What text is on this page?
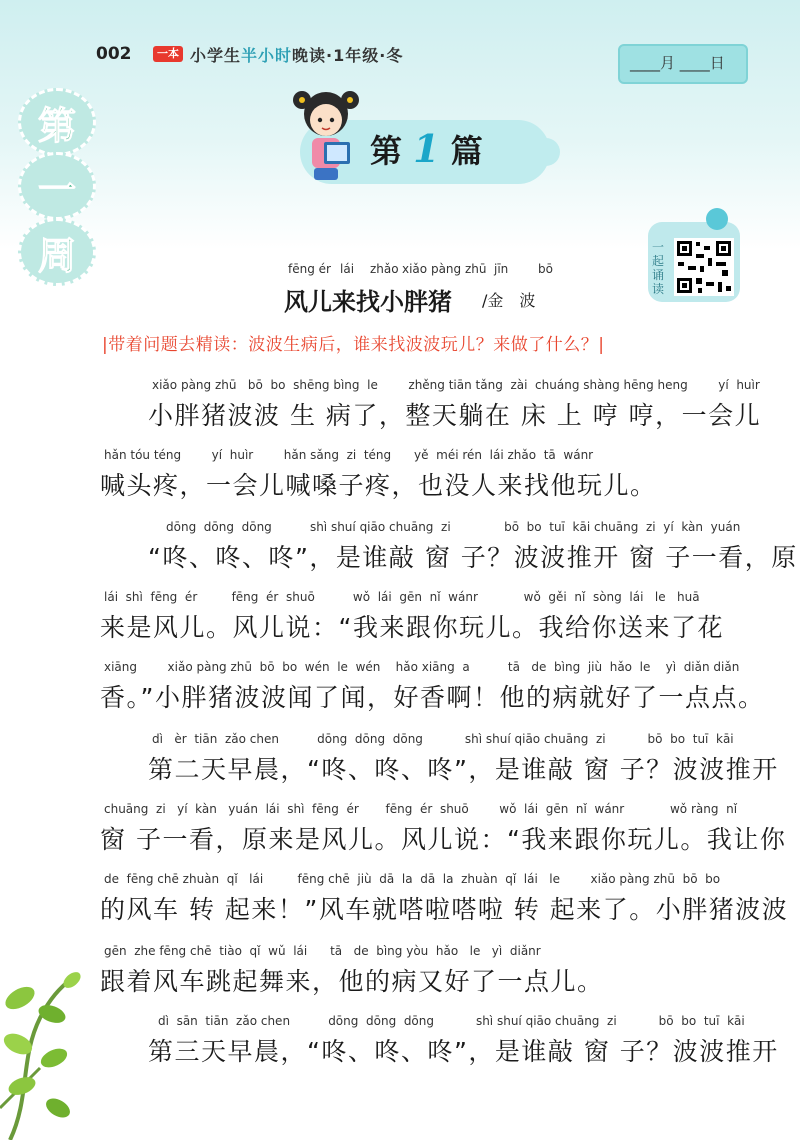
002	一本 小学生半小时晚读·1年级·冬	____月 ____日
第
一
周
第 1 篇
一起诵读
fēng ér lái zhǎo xiǎo pàng zhū jīn bō
风儿来找小胖猪 /金　波
|带着问题去精读：波波生病后，谁来找波波玩儿？来做了什么？|
xiǎo pàng zhū   bō  bo  shēng bìng  le        zhěng tiān tǎng  zài  chuáng shàng hēng heng        yí  huìr
小胖猪波波 生 病了，整天躺在 床 上 哼 哼，一会儿
hǎn tóu téng        yí  huìr        hǎn sǎng  zi  téng      yě  méi rén  lái zhǎo  tā  wánr
喊头疼，一会儿喊嗓子疼，也没人来找他玩儿。
dōng  dōng  dōng          shì shuí qiāo chuāng  zi              bō  bo  tuī  kāi chuāng  zi  yí  kàn  yuán
“咚、咚、咚”，是谁敲 窗 子？波波推开 窗 子一看，原
lái  shì  fēng  ér         fēng  ér  shuō          wǒ  lái  gēn  nǐ  wánr            wǒ  gěi  nǐ  sòng  lái   le   huā
来是风儿。风儿说：“我来跟你玩儿。我给你送来了花
xiāng        xiǎo pàng zhū  bō  bo  wén  le  wén    hǎo xiāng  a          tā   de  bìng  jiù  hǎo  le    yì  diǎn diǎn
香。”小胖猪波波闻了闻，好香啊！他的病就好了一点点。
dì   èr  tiān  zǎo chen          dōng  dōng  dōng           shì shuí qiāo chuāng  zi           bō  bo  tuī  kāi
第二天早晨，“咚、咚、咚”，是谁敲 窗 子？波波推开
chuāng  zi   yí  kàn   yuán  lái  shì  fēng  ér       fēng  ér  shuō        wǒ  lái  gēn  nǐ  wánr            wǒ ràng  nǐ
窗 子一看，原来是风儿。风儿说：“我来跟你玩儿。我让你
de  fēng chē zhuàn  qǐ   lái         fēng chē  jiù  dā  la  dā  la  zhuàn  qǐ  lái   le        xiǎo pàng zhū  bō  bo
的风车 转 起来！”风车就嗒啦嗒啦 转 起来了。小胖猪波波
gēn  zhe fēng chē  tiào  qǐ  wǔ  lái      tā   de  bìng yòu  hǎo   le   yì  diǎnr
跟着风车跳起舞来，他的病又好了一点儿。
dì  sān  tiān  zǎo chen          dōng  dōng  dōng           shì shuí qiāo chuāng  zi           bō  bo  tuī  kāi
第三天早晨，“咚、咚、咚”，是谁敲 窗 子？波波推开
